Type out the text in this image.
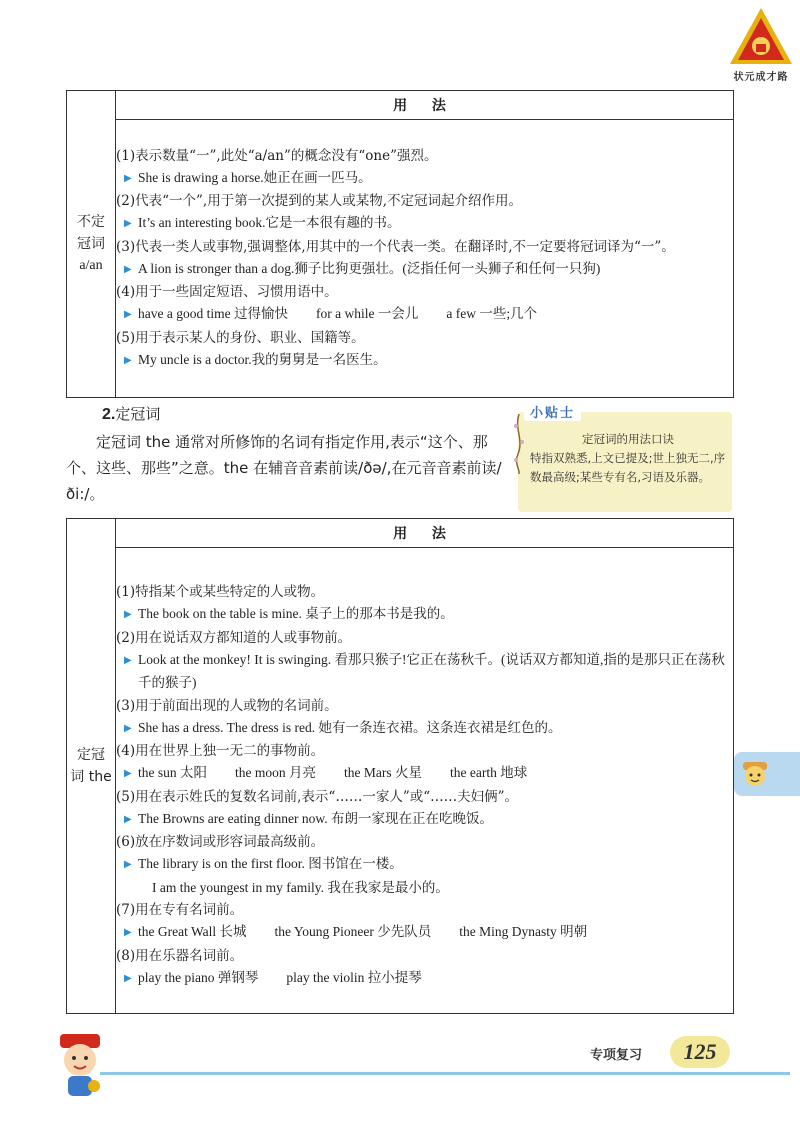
状元成才路
不定
冠词
a/an
	用 法

(1)表示数量“一”,此处“a/an”的概念没有“one”强烈。
▶ She is drawing a horse.她正在画一匹马。
(2)代表“一个”,用于第一次提到的某人或某物,不定冠词起介绍作用。
▶ It’s an interesting book.它是一本很有趣的书。
(3)代表一类人或事物,强调整体,用其中的一个代表一类。在翻译时,不一定要将冠词译为“一”。
▶ A lion is stronger than a dog.狮子比狗更强壮。(泛指任何一头狮子和任何一只狗)
(4)用于一些固定短语、习惯用语中。
▶ have a good time 过得愉快 for a while 一会儿 a few 一些;几个
(5)用于表示某人的身份、职业、国籍等。
▶ My uncle is a doctor.我的舅舅是一名医生。
2.定冠词
定冠词 the 通常对所修饰的名词有指定作用,表示“这个、那个、这些、那些”之意。the 在辅音音素前读/ðə/,在元音音素前读/ði:/。
小贴士
定冠词的用法口诀
特指双熟悉,上文已提及;世上独无二,序数最高级;某些专有名,习语及乐器。
定冠
词 the
	用 法

(1)特指某个或某些特定的人或物。
▶ The book on the table is mine. 桌子上的那本书是我的。
(2)用在说话双方都知道的人或事物前。
▶ Look at the monkey! It is swinging. 看那只猴子!它正在荡秋千。(说话双方都知道,指的是那只正在荡秋千的猴子)
(3)用于前面出现的人或物的名词前。
▶ She has a dress. The dress is red. 她有一条连衣裙。这条连衣裙是红色的。
(4)用在世界上独一无二的事物前。
▶ the sun 太阳 the moon 月亮 the Mars 火星 the earth 地球
(5)用在表示姓氏的复数名词前,表示“……一家人”或“……夫妇俩”。
▶ The Browns are eating dinner now. 布朗一家现在正在吃晚饭。
(6)放在序数词或形容词最高级前。
▶ The library is on the first floor. 图书馆在一楼。
I am the youngest in my family. 我在我家是最小的。
(7)用在专有名词前。
▶ the Great Wall 长城 the Young Pioneer 少先队员 the Ming Dynasty 明朝
(8)用在乐器名词前。
▶ play the piano 弹钢琴 play the violin 拉小提琴
专项复习	125
